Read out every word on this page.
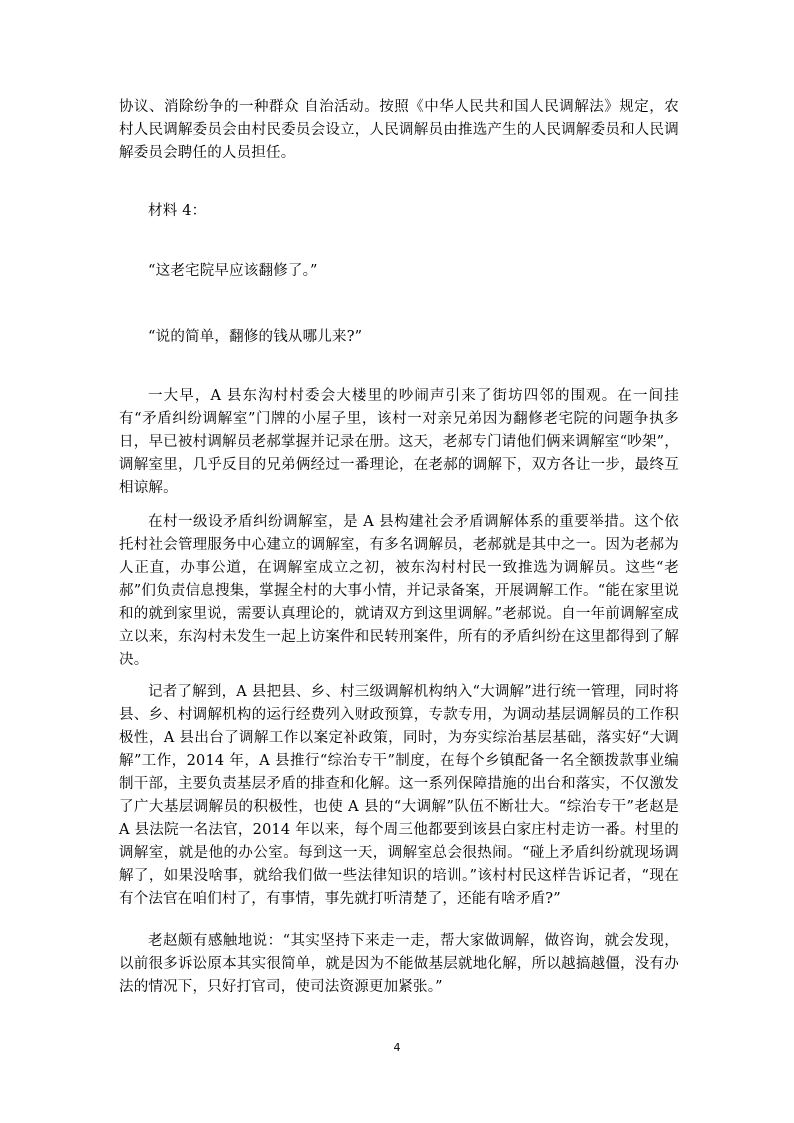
协议、消除纷争的一种群众 自治活动。按照《中华人民共和国人民调解法》规定，农村人民调解委员会由村民委员会设立，人民调解员由推选产生的人民调解委员和人民调解委员会聘任的人员担任。

材料 4：

“这老宅院早应该翻修了。”

“说的简单，翻修的钱从哪儿来?”

一大早，A 县东沟村村委会大楼里的吵闹声引来了街坊四邻的围观。在一间挂有“矛盾纠纷调解室”门牌的小屋子里，该村一对亲兄弟因为翻修老宅院的问题争执多日，早已被村调解员老郝掌握并记录在册。这天，老郝专门请他们俩来调解室“吵架”，调解室里，几乎反目的兄弟俩经过一番理论，在老郝的调解下，双方各让一步，最终互相谅解。

在村一级设矛盾纠纷调解室，是 A 县构建社会矛盾调解体系的重要举措。这个依托村社会管理服务中心建立的调解室，有多名调解员，老郝就是其中之一。因为老郝为人正直，办事公道，在调解室成立之初，被东沟村村民一致推选为调解员。这些“老郝”们负责信息搜集，掌握全村的大事小情，并记录备案，开展调解工作。“能在家里说和的就到家里说，需要认真理论的，就请双方到这里调解。”老郝说。自一年前调解室成立以来，东沟村未发生一起上访案件和民转刑案件，所有的矛盾纠纷在这里都得到了解决。

记者了解到，A 县把县、乡、村三级调解机构纳入“大调解”进行统一管理，同时将县、乡、村调解机构的运行经费列入财政预算，专款专用，为调动基层调解员的工作积极性，A 县出台了调解工作以案定补政策，同时，为夯实综治基层基础，落实好“大调解”工作，2014 年，A 县推行“综治专干”制度，在每个乡镇配备一名全额拨款事业编制干部，主要负责基层矛盾的排查和化解。这一系列保障措施的出台和落实，不仅激发了广大基层调解员的积极性，也使 A 县的“大调解”队伍不断壮大。“综治专干”老赵是 A 县法院一名法官，2014 年以来，每个周三他都要到该县白家庄村走访一番。村里的调解室，就是他的办公室。每到这一天，调解室总会很热闹。“碰上矛盾纠纷就现场调解了，如果没啥事，就给我们做一些法律知识的培训。”该村村民这样告诉记者，“现在有个法官在咱们村了，有事情，事先就打听清楚了，还能有啥矛盾?”

老赵颇有感触地说：“其实坚持下来走一走，帮大家做调解，做咨询，就会发现，以前很多诉讼原本其实很简单，就是因为不能做基层就地化解，所以越搞越僵，没有办法的情况下，只好打官司，使司法资源更加紧张。”

4
